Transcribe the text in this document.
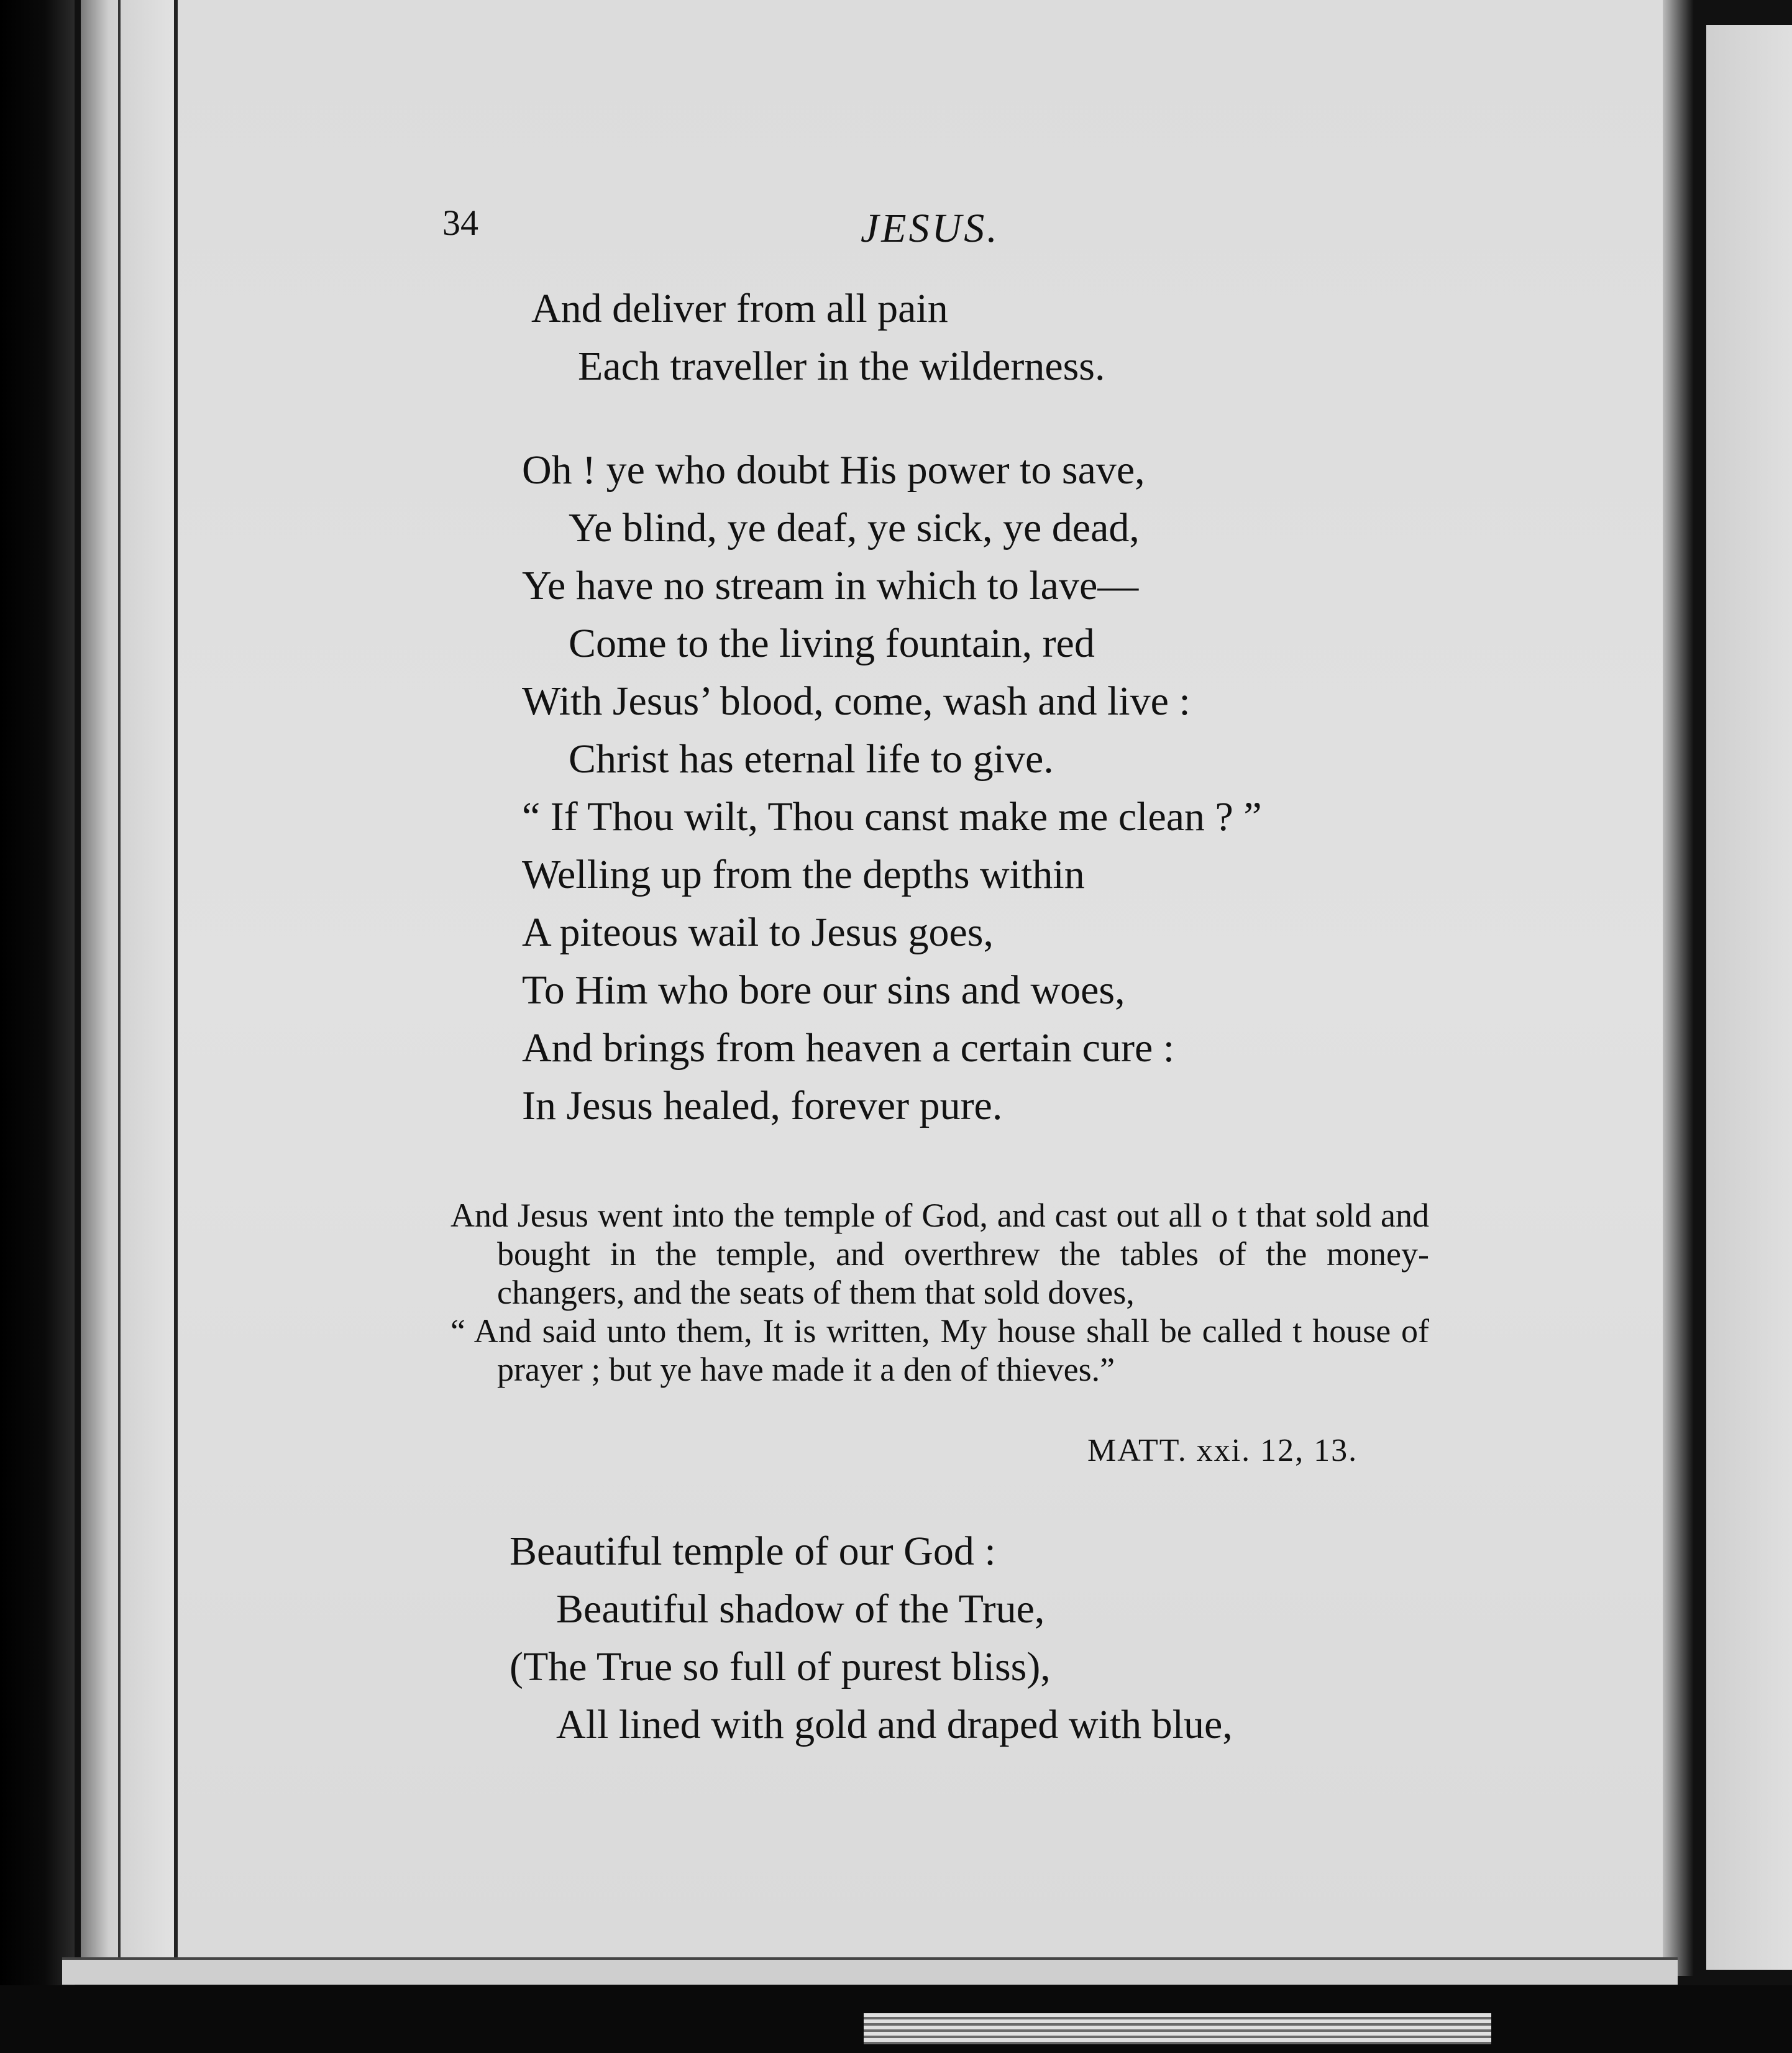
34	JESUS.
And deliver from all pain
Each traveller in the wilderness.
Oh ! ye who doubt His power to save,
Ye blind, ye deaf, ye sick, ye dead,
Ye have no stream in which to lave—
Come to the living fountain, red
With Jesus’ blood, come, wash and live :
Christ has eternal life to give.
“ If Thou wilt, Thou canst make me clean ? ”
Welling up from the depths within
A piteous wail to Jesus goes,
To Him who bore our sins and woes,
And brings from heaven a certain cure :
In Jesus healed, forever pure.

And Jesus went into the temple of God, and cast out all o t that sold and bought in the temple, and overthrew the tables of the money-changers, and the seats of them that sold doves,

“ And said unto them, It is written, My house shall be called t house of prayer ; but ye have made it a den of thieves.”

MATT. xxi. 12, 13.
Beautiful temple of our God :
Beautiful shadow of the True,
(The True so full of purest bliss),
All lined with gold and draped with blue,
